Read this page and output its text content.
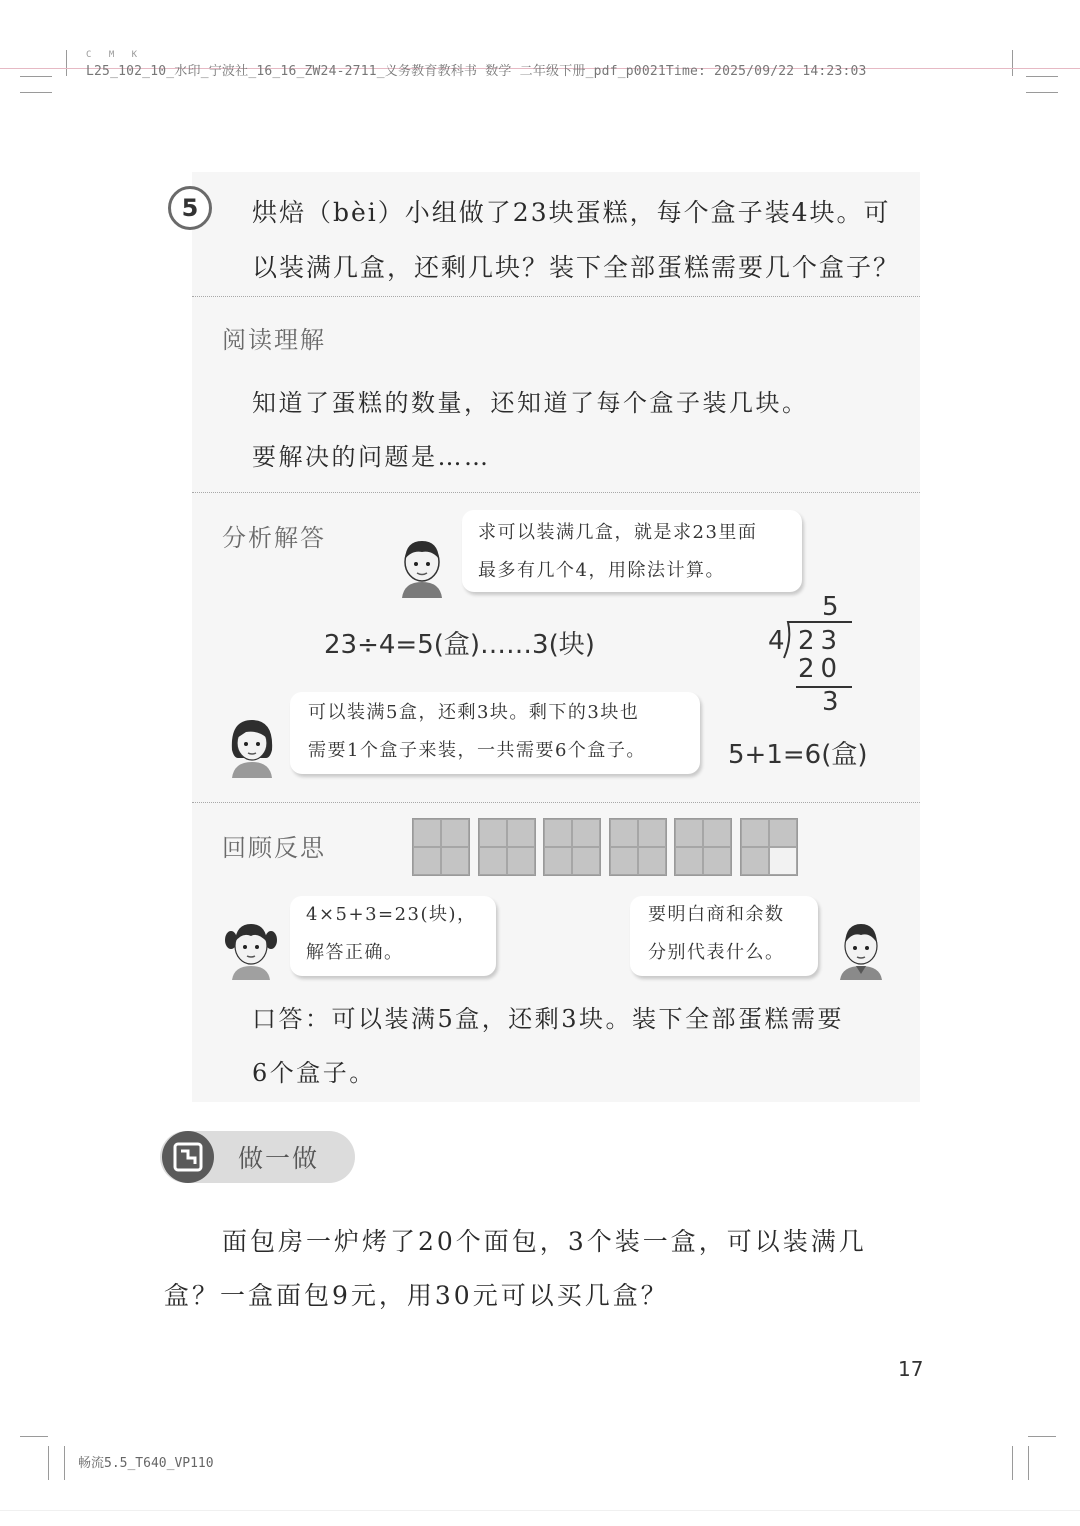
C M K
L25_102_10_水印_宁波社_16_16_ZW24-2711_义务教育教科书 数学 二年级下册_pdf_p0021Time: 2025/09/22 14:23:03
5	烘焙（bèi）小组做了23块蛋糕，每个盒子装4块。可
以装满几盒，还剩几块？装下全部蛋糕需要几个盒子？
阅读理解
知道了蛋糕的数量，还知道了每个盒子装几块。
要解决的问题是……
分析解答	求可以装满几盒，就是求23里面
最多有几个4，用除法计算。
23÷4=5(盒)……3(块)
5
4 23
20
3
可以装满5盒，还剩3块。剩下的3块也
需要1个盒子来装，一共需要6个盒子。	5+1=6(盒)
回顾反思
4×5+3=23(块)，
解答正确。
要明白商和余数
分别代表什么。
口答：可以装满5盒，还剩3块。装下全部蛋糕需要
6个盒子。
做一做
面包房一炉烤了20个面包，3个装一盒，可以装满几
盒？一盒面包9元，用30元可以买几盒？
17
畅流5.5_T640_VP110
